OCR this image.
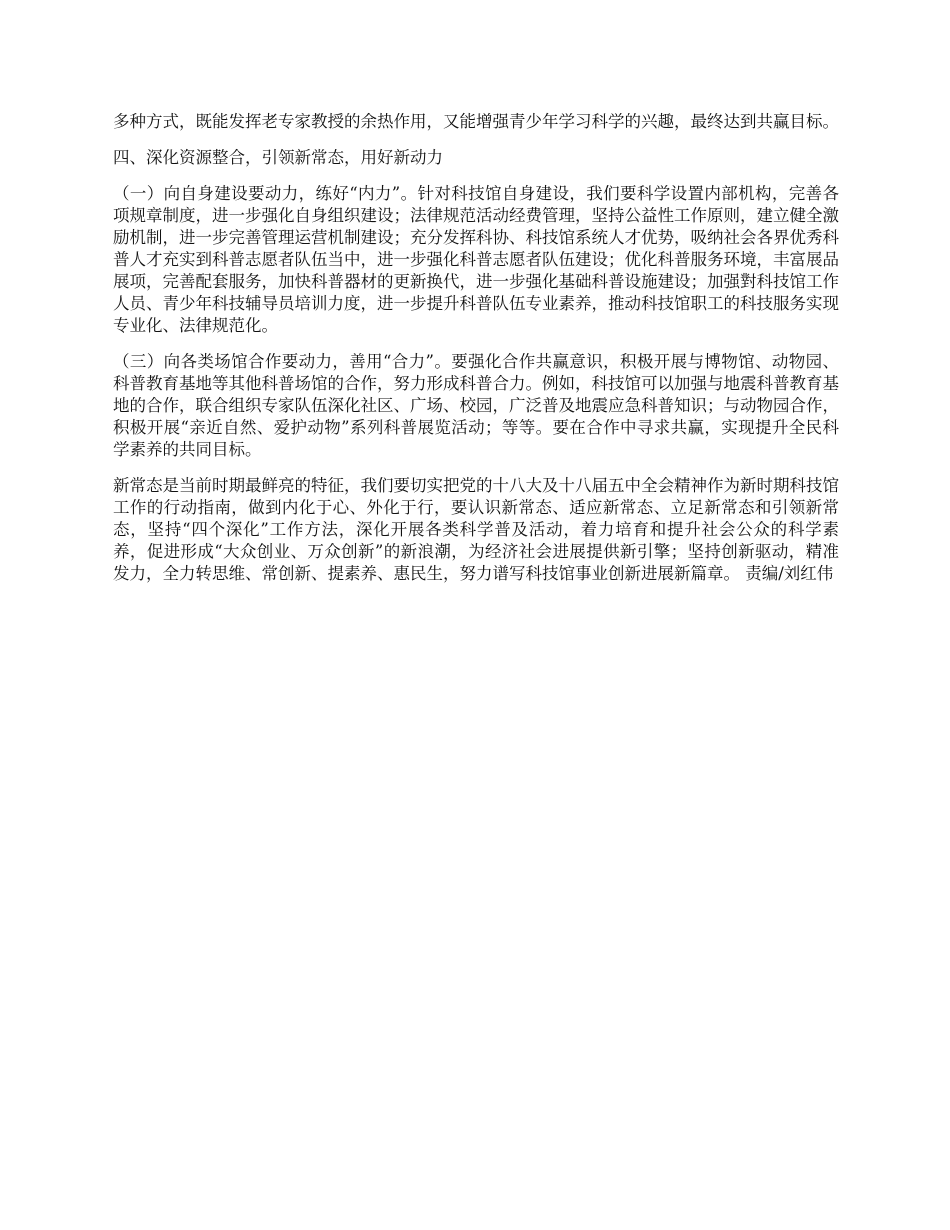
多种方式，既能发挥老专家教授的余热作用，又能增强青少年学习科学的兴趣，最终达到共赢目标。

四、深化资源整合，引领新常态，用好新动力

（一）向自身建设要动力，练好“内力”。针对科技馆自身建设，我们要科学设置内部机构，完善各项规章制度，进一步强化自身组织建设；法律规范活动经费管理，坚持公益性工作原则，建立健全激励机制，进一步完善管理运营机制建设；充分发挥科协、科技馆系统人才优势，吸纳社会各界优秀科普人才充实到科普志愿者队伍当中，进一步强化科普志愿者队伍建设；优化科普服务环境，丰富展品展项，完善配套服务，加快科普器材的更新换代，进一步强化基础科普设施建设；加强對科技馆工作人员、青少年科技辅导员培训力度，进一步提升科普队伍专业素养，推动科技馆职工的科技服务实现专业化、法律规范化。

（三）向各类场馆合作要动力，善用“合力”。要强化合作共赢意识，积极开展与博物馆、动物园、科普教育基地等其他科普场馆的合作，努力形成科普合力。例如，科技馆可以加强与地震科普教育基地的合作，联合组织专家队伍深化社区、广场、校园，广泛普及地震应急科普知识；与动物园合作，积极开展“亲近自然、爱护动物”系列科普展览活动；等等。要在合作中寻求共赢，实现提升全民科学素养的共同目标。

新常态是当前时期最鲜亮的特征，我们要切实把党的十八大及十八届五中全会精神作为新时期科技馆工作的行动指南，做到内化于心、外化于行，要认识新常态、适应新常态、立足新常态和引领新常态，坚持“四个深化”工作方法，深化开展各类科学普及活动，着力培育和提升社会公众的科学素养，促进形成“大众创业、万众创新”的新浪潮，为经济社会进展提供新引擎；坚持创新驱动，精准发力，全力转思维、常创新、提素养、惠民生，努力谱写科技馆事业创新进展新篇章。 责编/刘红伟
